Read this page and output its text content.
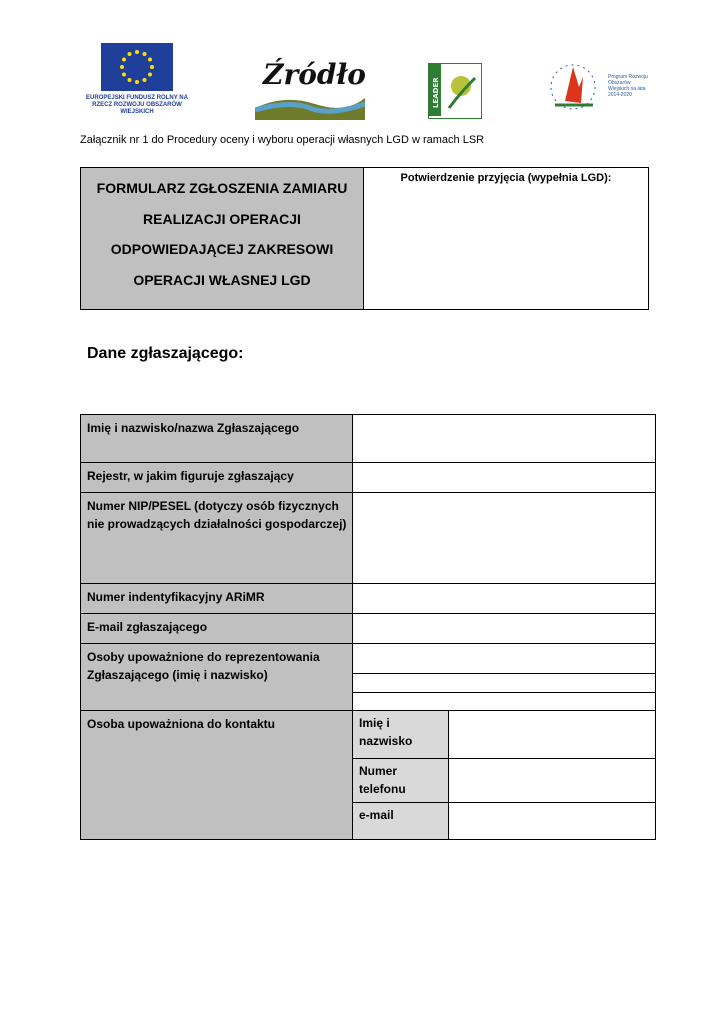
EUROPEJSKI FUNDUSZ ROLNY NA RZECZ ROZWOJU OBSZARÓW WIEJSKICH
Źródło
LEADER
Program Rozwoju Obszarów Wiejskich na lata 2014-2020
Załącznik nr 1 do Procedury oceny i wyboru operacji własnych LGD w ramach LSR
FORMULARZ ZGŁOSZENIA ZAMIARU
REALIZACJI OPERACJI
ODPOWIEDAJĄCEJ ZAKRESOWI
OPERACJI WŁASNEJ LGD
Potwierdzenie przyjęcia (wypełnia LGD):
Dane zgłaszającego:
Imię i nazwisko/nazwa Zgłaszającego
Rejestr, w jakim figuruje zgłaszający
Numer NIP/PESEL (dotyczy osób fizycznych nie prowadzących działalności gospodarczej)
Numer indentyfikacyjny ARiMR
E-mail zgłaszającego
Osoby upoważnione do reprezentowania Zgłaszającego (imię i nazwisko)
Osoba upoważniona do kontaktu	Imię i nazwisko
Numer telefonu
e-mail
